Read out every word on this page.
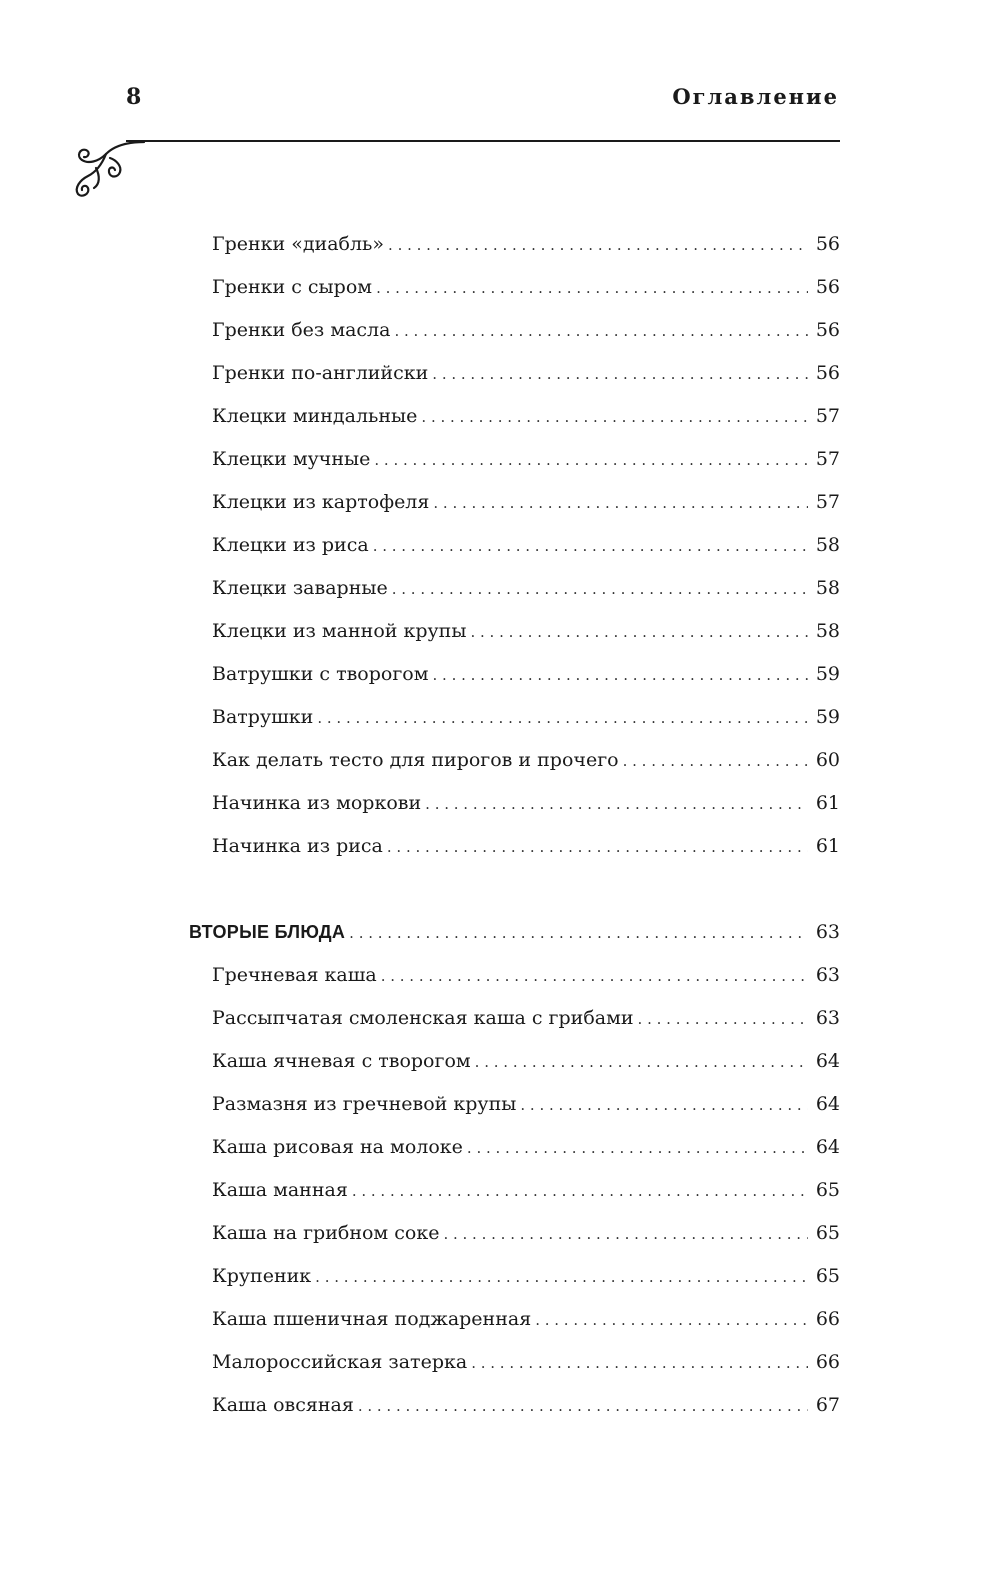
8	Оглавление
Гренки «диабль» . . .	56
Гренки с сыром . . .	56
Гренки без масла . . .	56
Гренки по-английски . . .	56
Клецки миндальные . . .	57
Клецки мучные . . .	57
Клецки из картофеля . . .	57
Клецки из риса . . .	58
Клецки заварные . . .	58
Клецки из манной крупы . . .	58
Ватрушки с творогом . . .	59
Ватрушки . . .	59
Как делать тесто для пирогов и прочего . . .	60
Начинка из моркови . . .	61
Начинка из риса . . .	61
ВТОРЫЕ БЛЮДА . . .	63
Гречневая каша . . .	63
Рассыпчатая смоленская каша с грибами . . .	63
Каша ячневая с творогом . . .	64
Размазня из гречневой крупы . . .	64
Каша рисовая на молоке . . .	64
Каша манная . . .	65
Каша на грибном соке . . .	65
Крупеник . . .	65
Каша пшеничная поджаренная . . .	66
Малороссийская затерка . . .	66
Каша овсяная . . .	67
